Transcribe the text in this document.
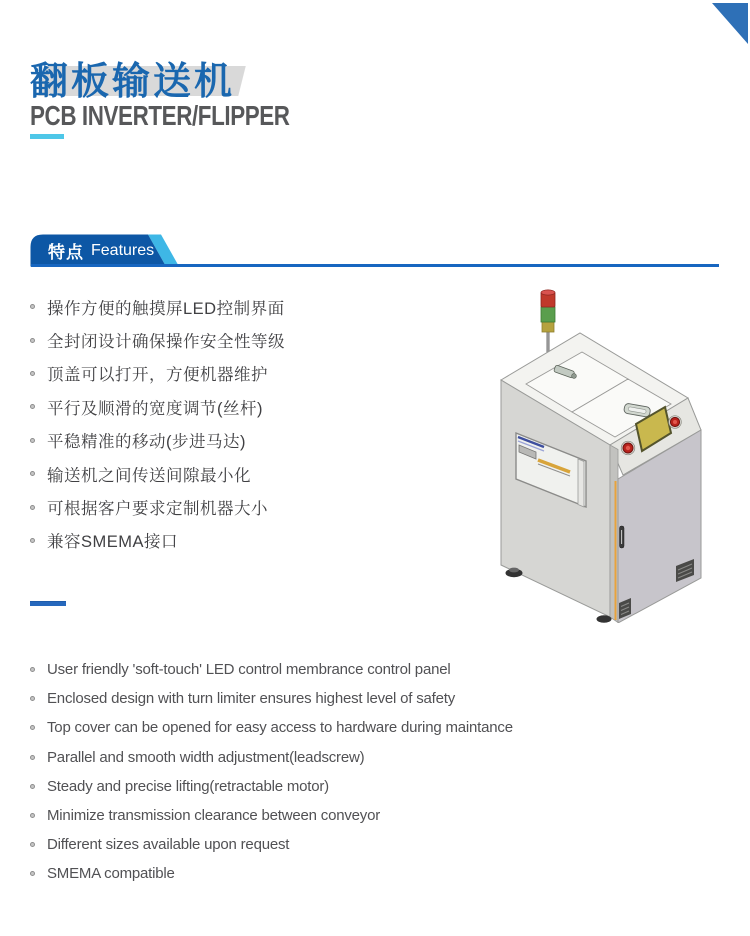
翻板输送机
PCB INVERTER/FLIPPER
特点 Features
操作方便的触摸屏LED控制界面
全封闭设计确保操作安全性等级
顶盖可以打开，方便机器维护
平行及顺滑的宽度调节(丝杆)
平稳精准的移动(步进马达)
输送机之间传送间隙最小化
可根据客户要求定制机器大小
兼容SMEMA接口
User friendly 'soft-touch' LED control membrance control panel
Enclosed design with turn limiter ensures highest level of safety
Top cover can be opened for easy access to hardware during maintance
Parallel and smooth width adjustment(leadscrew)
Steady and precise lifting(retractable motor)
Minimize transmission clearance between conveyor
Different sizes available upon request
SMEMA compatible
